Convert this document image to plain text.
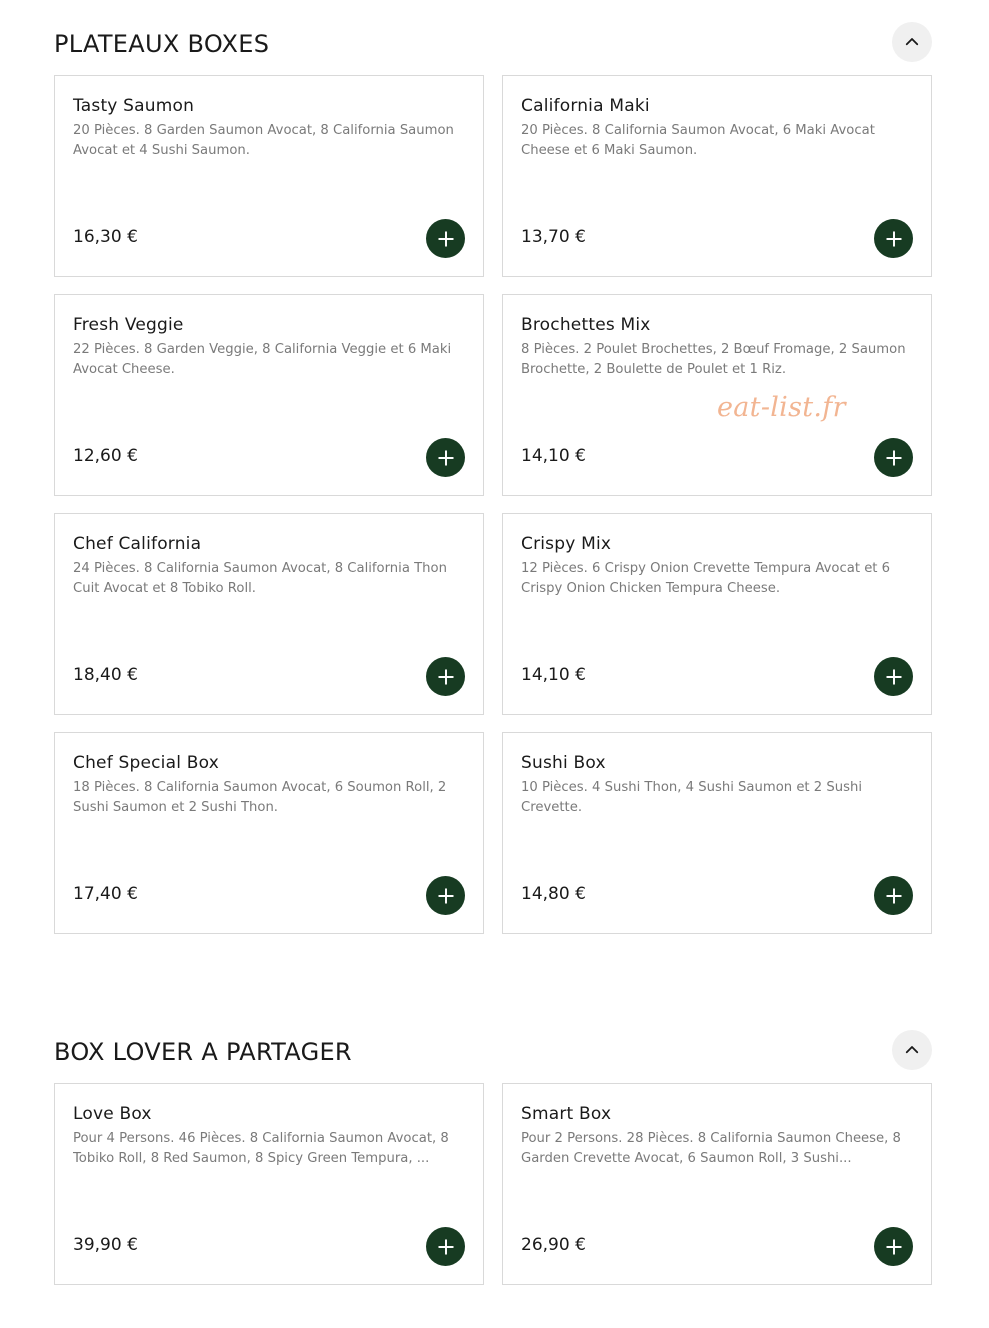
PLATEAUX BOXES
Tasty Saumon
20 Pièces. 8 Garden Saumon Avocat, 8 California Saumon Avocat et 4 Sushi Saumon.
16,30 €
California Maki
20 Pièces. 8 California Saumon Avocat, 6 Maki Avocat Cheese et 6 Maki Saumon.
13,70 €
Fresh Veggie
22 Pièces. 8 Garden Veggie, 8 California Veggie et 6 Maki Avocat Cheese.
12,60 €
Brochettes Mix
8 Pièces. 2 Poulet Brochettes, 2 Bœuf Fromage, 2 Saumon Brochette, 2 Boulette de Poulet et 1 Riz.
14,10 €
Chef California
24 Pièces. 8 California Saumon Avocat, 8 California Thon Cuit Avocat et 8 Tobiko Roll.
18,40 €
Crispy Mix
12 Pièces. 6 Crispy Onion Crevette Tempura Avocat et 6 Crispy Onion Chicken Tempura Cheese.
14,10 €
Chef Special Box
18 Pièces. 8 California Saumon Avocat, 6 Soumon Roll, 2 Sushi Saumon et 2 Sushi Thon.
17,40 €
Sushi Box
10 Pièces. 4 Sushi Thon, 4 Sushi Saumon et 2 Sushi Crevette.
14,80 €
BOX LOVER A PARTAGER
Love Box
Pour 4 Persons. 46 Pièces. 8 California Saumon Avocat, 8 Tobiko Roll, 8 Red Saumon, 8 Spicy Green Tempura, ...
39,90 €
Smart Box
Pour 2 Persons. 28 Pièces. 8 California Saumon Cheese, 8 Garden Crevette Avocat, 6 Saumon Roll, 3 Sushi...
26,90 €
eat-list.fr
